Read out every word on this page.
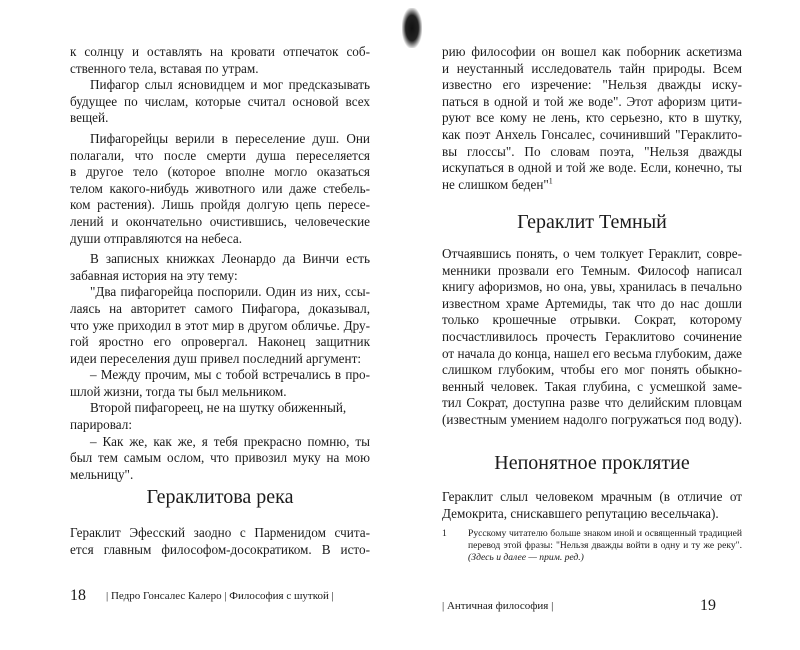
к солнцу и оставлять на кровати отпечаток соб-
ственного тела, вставая по утрам.

Пифагор слыл ясновидцем и мог предсказывать
будущее по числам, которые считал основой всех
вещей.

Пифагорейцы верили в переселение душ. Они
полагали, что после смерти душа переселяется
в другое тело (которое вполне могло оказаться
телом какого-нибудь животного или даже стебель-
ком растения). Лишь пройдя долгую цепь пересе-
лений и окончательно очистившись, человеческие
души отправляются на небеса.

В записных книжках Леонардо да Винчи есть
забавная история на эту тему:

"Два пифагорейца поспорили. Один из них, ссы-
лаясь на авторитет самого Пифагора, доказывал,
что уже приходил в этот мир в другом обличье. Дру-
гой яростно его опровергал. Наконец защитник
идеи переселения душ привел последний аргумент:

– Между прочим, мы с тобой встречались в про-
шлой жизни, тогда ты был мельником.

Второй пифагореец, не на шутку обиженный,
парировал:

– Как же, как же, я тебя прекрасно помню, ты
был тем самым ослом, что привозил муку на мою
мельницу".

Гераклитова река
Гераклит Эфесский заодно с Парменидом счита-
ется главным философом-досократиком. В исто-
18 | Педро Гонсалес Калеро | Философия с шуткой |
рию философии он вошел как поборник аскетизма
и неустанный исследователь тайн природы. Всем
известно его изречение: "Нельзя дважды иску-
паться в одной и той же воде". Этот афоризм цити-
руют все кому не лень, кто серьезно, кто в шутку,
как поэт Анхель Гонсалес, сочинивший "Гераклито-
вы глоссы". По словам поэта, "Нельзя дважды
искупаться в одной и той же воде. Если, конечно, ты
не слишком беден"$^1$
Гераклит Темный
Отчаявшись понять, о чем толкует Гераклит, совре-
менники прозвали его Темным. Философ написал
книгу афоризмов, но она, увы, хранилась в печально
известном храме Артемиды, так что до нас дошли
только крошечные отрывки. Сократ, которому
посчастливилось прочесть Гераклитово сочинение
от начала до конца, нашел его весьма глубоким, даже
слишком глубоким, чтобы его мог понять обыкно-
венный человек. Такая глубина, с усмешкой заме-
тил Сократ, доступна разве что делийским пловцам
(известным умением надолго погружаться под воду).
Непонятное проклятие
Гераклит слыл человеком мрачным (в отличие от
Демокрита, снискавшего репутацию весельчака).
1 Русскому читателю больше знаком иной и освященный традицией перевод этой фразы: "Нельзя дважды войти в одну и ту же реку". (Здесь и далее — прим. ред.)
| Античная философия |	19
